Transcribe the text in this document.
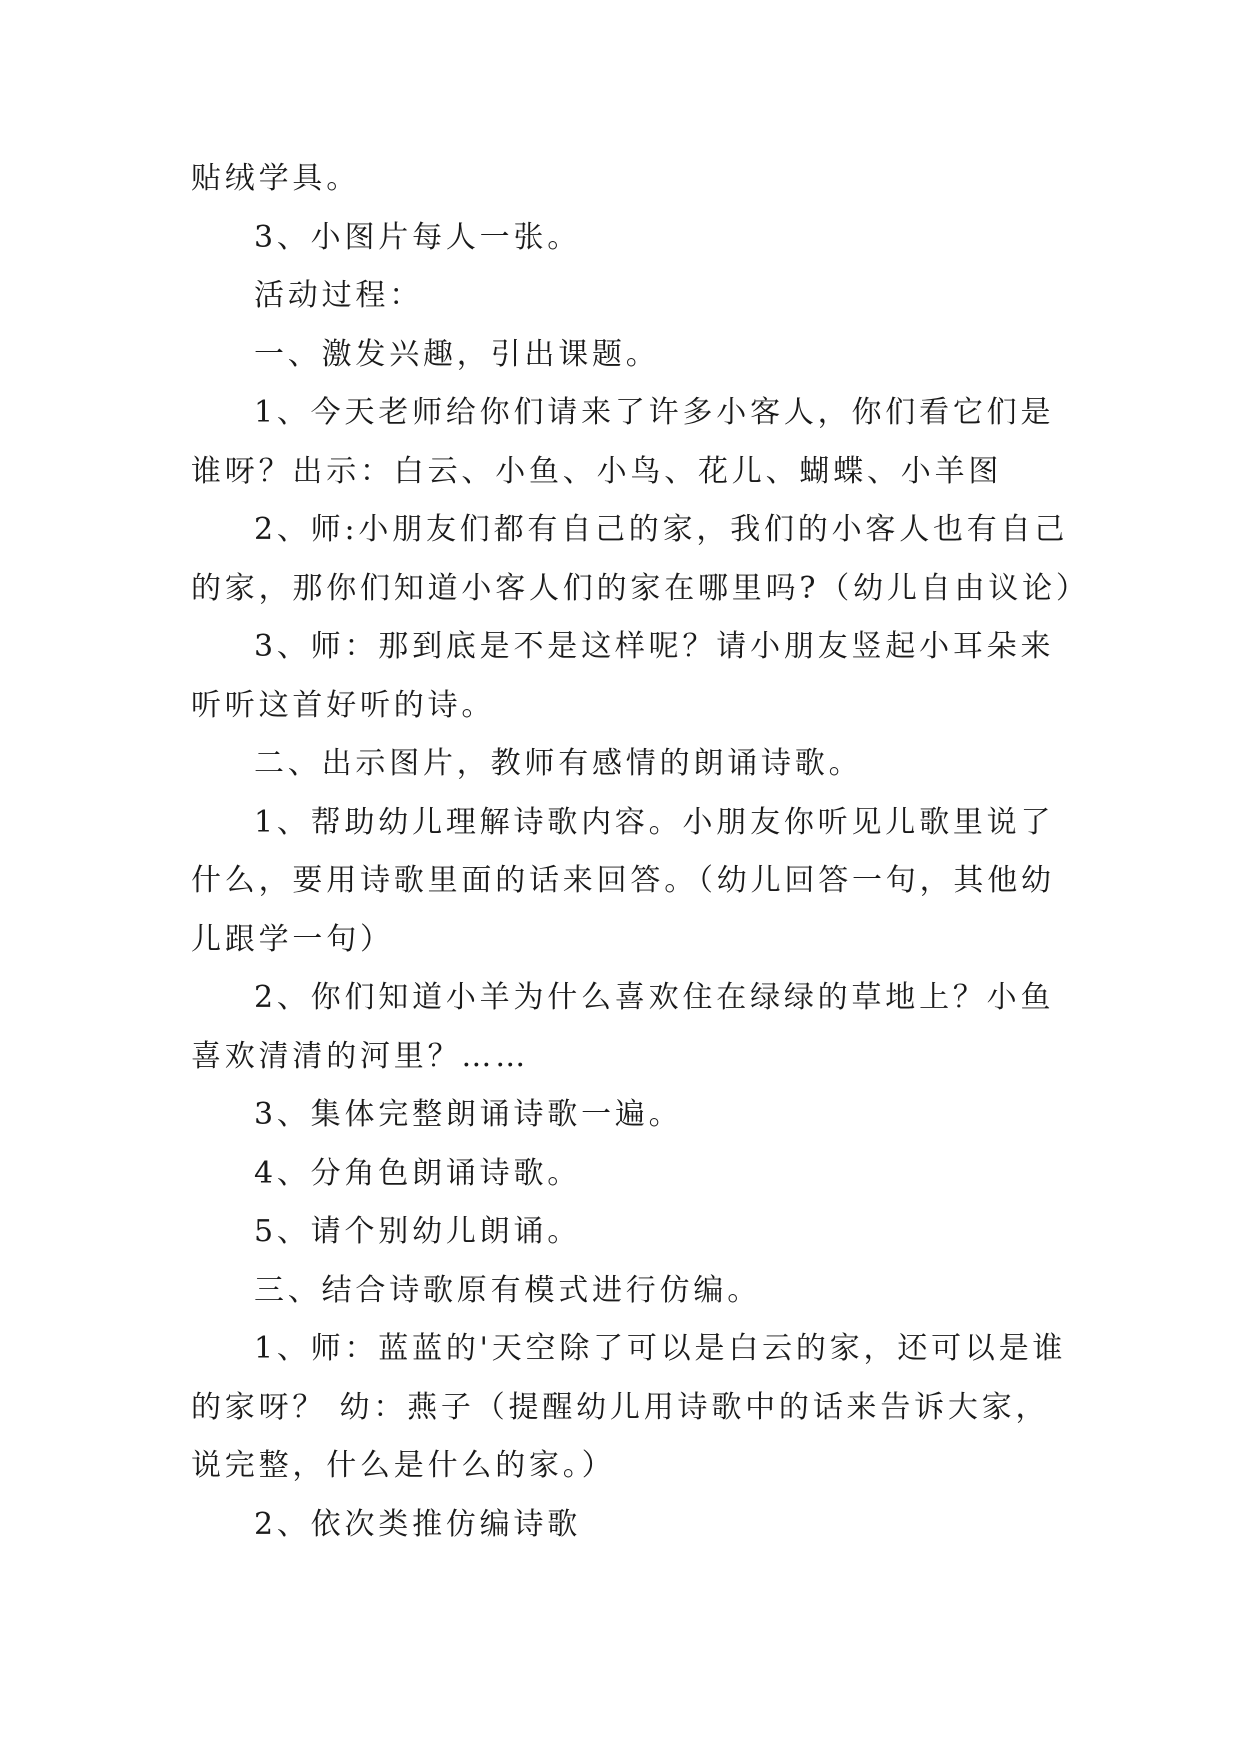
贴绒学具。
3、小图片每人一张。
活动过程：
一、激发兴趣，引出课题。
1、今天老师给你们请来了许多小客人，你们看它们是
谁呀？出示：白云、小鱼、小鸟、花儿、蝴蝶、小羊图
2、师:小朋友们都有自己的家，我们的小客人也有自己
的家，那你们知道小客人们的家在哪里吗?（幼儿自由议论）
3、师：那到底是不是这样呢？请小朋友竖起小耳朵来
听听这首好听的诗。
二、出示图片，教师有感情的朗诵诗歌。
1、帮助幼儿理解诗歌内容。小朋友你听见儿歌里说了
什么，要用诗歌里面的话来回答。（幼儿回答一句，其他幼
儿跟学一句）
2、你们知道小羊为什么喜欢住在绿绿的草地上？小鱼
喜欢清清的河里？……
3、集体完整朗诵诗歌一遍。
4、分角色朗诵诗歌。
5、请个别幼儿朗诵。
三、结合诗歌原有模式进行仿编。
1、师：蓝蓝的'天空除了可以是白云的家，还可以是谁
的家呀？ 幼：燕子（提醒幼儿用诗歌中的话来告诉大家，
说完整，什么是什么的家。）
2、依次类推仿编诗歌
